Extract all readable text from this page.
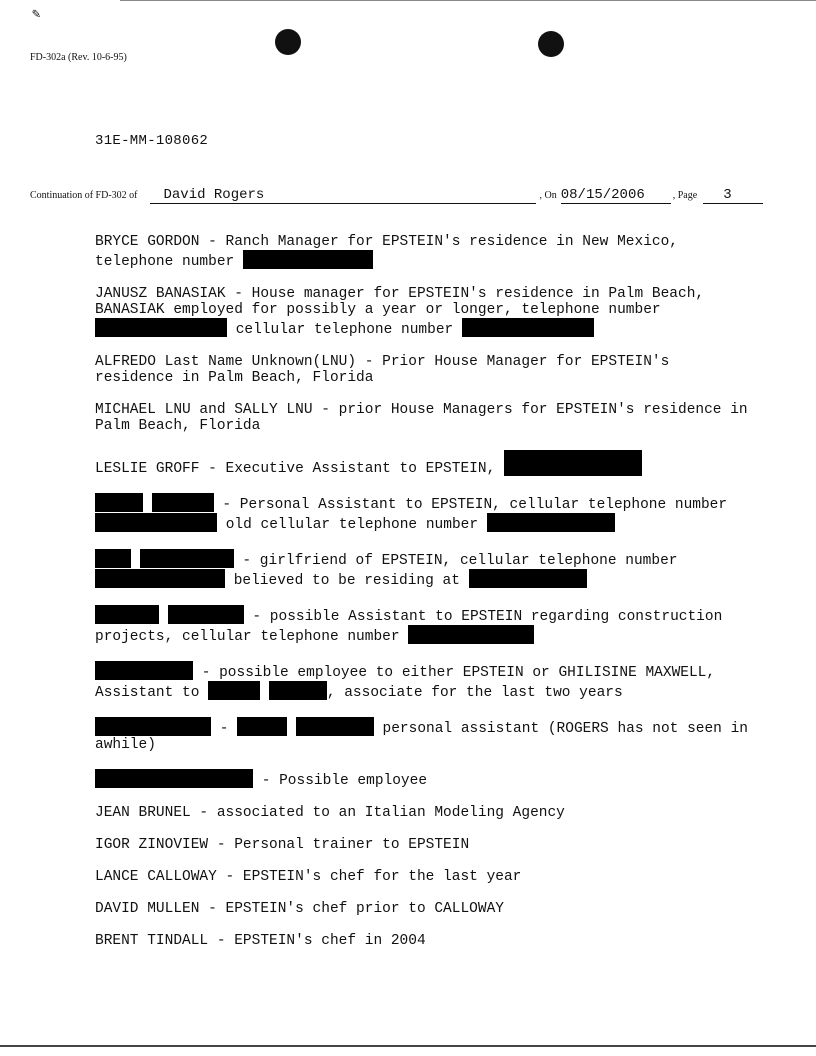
✎
FD-302a (Rev. 10-6-95)
31E-MM-108062
Continuation of FD-302 of	David Rogers	, On 08/15/2006	, Page	3
BRYCE GORDON - Ranch Manager for EPSTEIN's residence in New Mexico, telephone number
JANUSZ BANASIAK - House manager for EPSTEIN's residence in Palm Beach, BANASIAK employed for possibly a year or longer, telephone number  cellular telephone number
ALFREDO Last Name Unknown(LNU) - Prior House Manager for EPSTEIN's residence in Palm Beach, Florida
MICHAEL LNU and SALLY LNU - prior House Managers for EPSTEIN's residence in Palm Beach, Florida
LESLIE GROFF - Executive Assistant to EPSTEIN,
- Personal Assistant to EPSTEIN, cellular telephone number  old cellular telephone number
- girlfriend of EPSTEIN, cellular telephone number  believed to be residing at
- possible Assistant to EPSTEIN regarding construction projects, cellular telephone number
- possible employee to either EPSTEIN or GHILISINE MAXWELL, Assistant to	, associate for the last two years
-	personal assistant (ROGERS has not seen in awhile)
- Possible employee
JEAN BRUNEL - associated to an Italian Modeling Agency
IGOR ZINOVIEW - Personal trainer to EPSTEIN
LANCE CALLOWAY - EPSTEIN's chef for the last year
DAVID MULLEN - EPSTEIN's chef prior to CALLOWAY
BRENT TINDALL - EPSTEIN's chef in 2004
